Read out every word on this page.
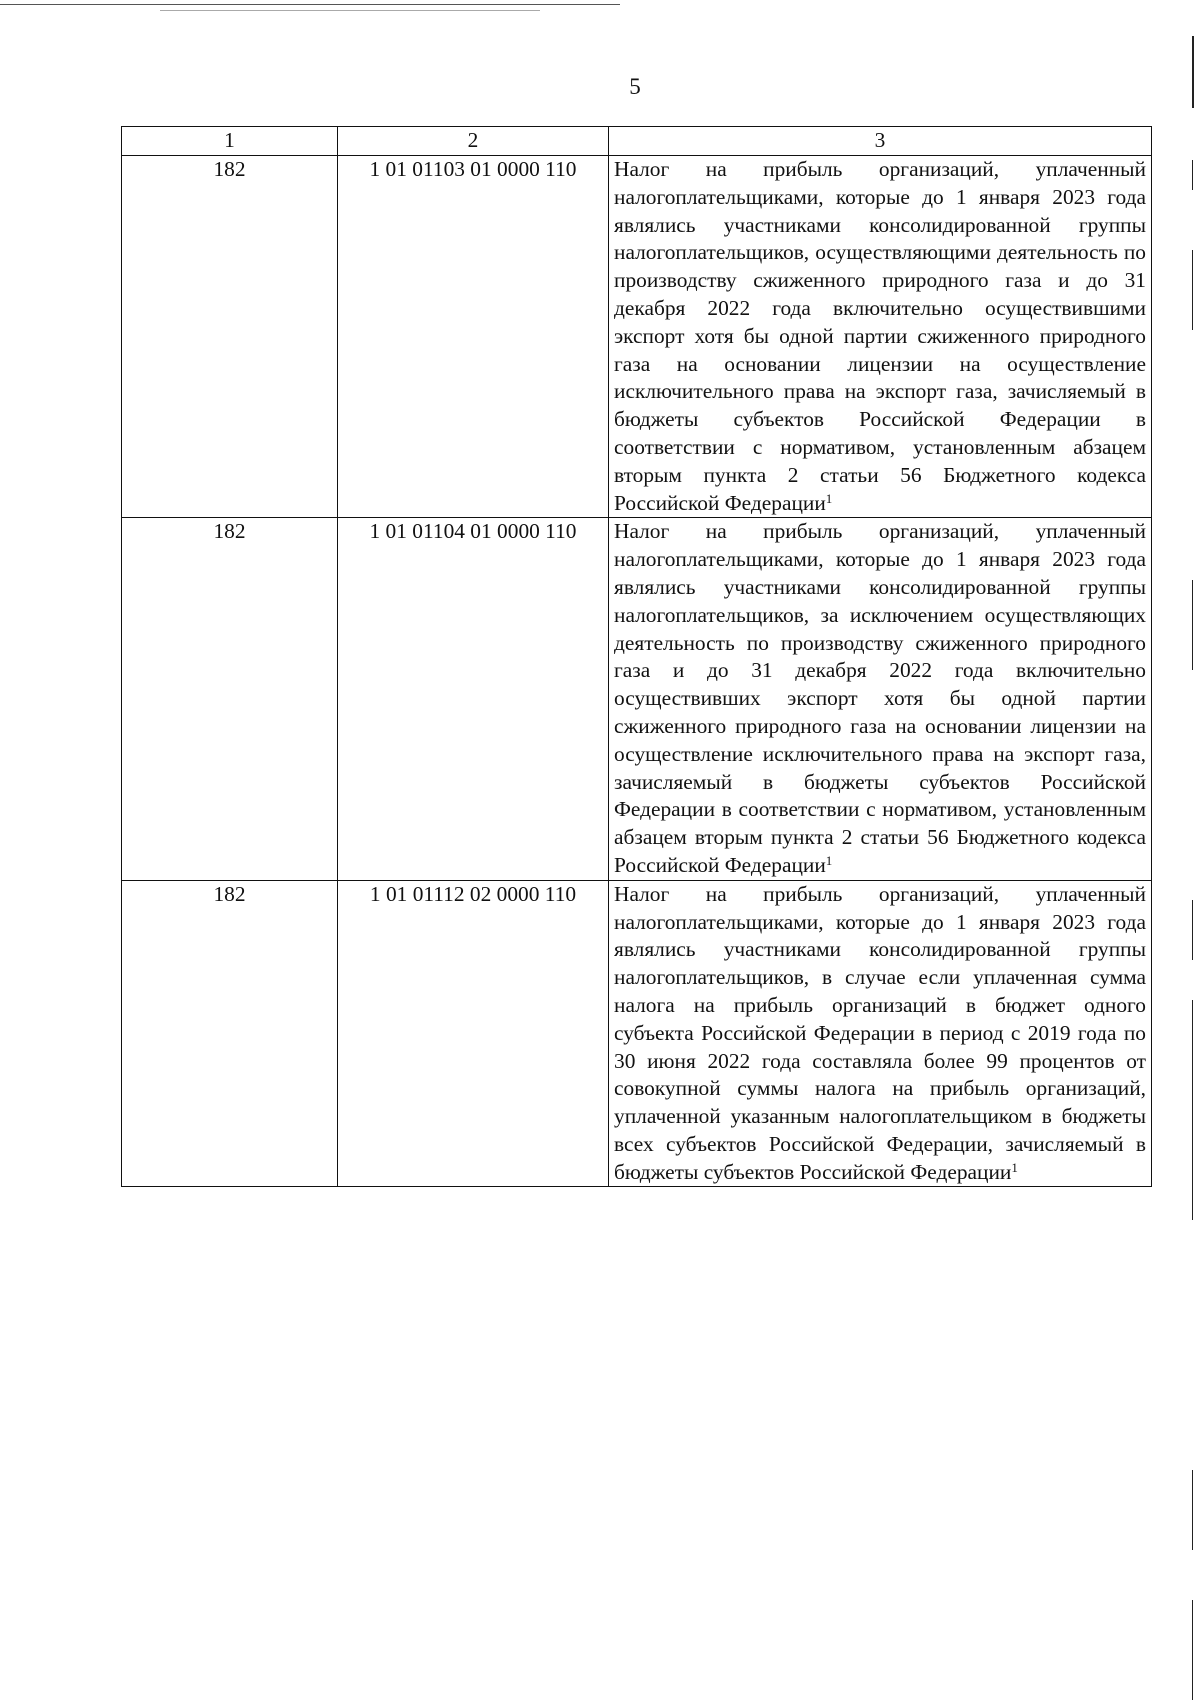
5
1	2	3
182	1 01 01103 01 0000 110	Налог на прибыль организаций, уплаченный налогоплательщиками, которые до 1 января 2023 года являлись участниками консолидированной группы налогоплательщиков, осуществляющими деятельность по производству сжиженного природного газа и до 31 декабря 2022 года включительно осуществившими экспорт хотя бы одной партии сжиженного природного газа на основании лицензии на осуществление исключительного права на экспорт газа, зачисляемый в бюджеты субъектов Российской Федерации в соответствии с нормативом, установленным абзацем вторым пункта 2 статьи 56 Бюджетного кодекса Российской Федерации$^1$
182	1 01 01104 01 0000 110	Налог на прибыль организаций, уплаченный налогоплательщиками, которые до 1 января 2023 года являлись участниками консолидированной группы налогоплательщиков, за исключением осуществляющих деятельность по производству сжиженного природного газа и до 31 декабря 2022 года включительно осуществивших экспорт хотя бы одной партии сжиженного природного газа на основании лицензии на осуществление исключительного права на экспорт газа, зачисляемый в бюджеты субъектов Российской Федерации в соответствии с нормативом, установленным абзацем вторым пункта 2 статьи 56 Бюджетного кодекса Российской Федерации$^1$
182	1 01 01112 02 0000 110	Налог на прибыль организаций, уплаченный налогоплательщиками, которые до 1 января 2023 года являлись участниками консолидированной группы налогоплательщиков, в случае если уплаченная сумма налога на прибыль организаций в бюджет одного субъекта Российской Федерации в период с 2019 года по 30 июня 2022 года составляла более 99 процентов от совокупной суммы налога на прибыль организаций, уплаченной указанным налогоплательщиком в бюджеты всех субъектов Российской Федерации, зачисляемый в бюджеты субъектов Российской Федерации$^1$
